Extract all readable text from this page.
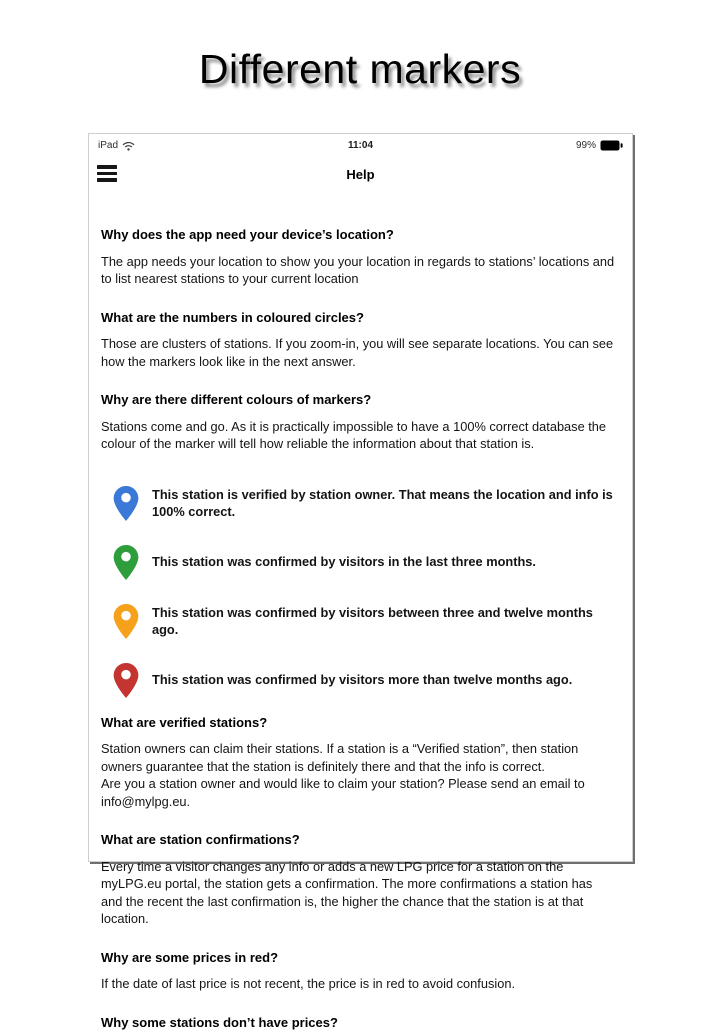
Different markers
iPad	11:04	99%
Help
Why does the app need your device’s location?

The app needs your location to show you your location in regards to stations’ locations and to list nearest stations to your current location

What are the numbers in coloured circles?

Those are clusters of stations. If you zoom-in, you will see separate locations. You can see how the markers look like in the next answer.

Why are there different colours of markers?

Stations come and go. As it is practically impossible to have a 100% correct database the colour of the marker will tell how reliable the information about that station is.

This station is verified by station owner. That means the location and info is 100% correct.
This station was confirmed by visitors in the last three months.
This station was confirmed by visitors between three and twelve months ago.
This station was confirmed by visitors more than twelve months ago.
What are verified stations?

Station owners can claim their stations. If a station is a “Verified station”, then station owners guarantee that the station is definitely there and that the info is correct.

Are you a station owner and would like to claim your station? Please send an email to info@mylpg.eu.

What are station confirmations?

Every time a visitor changes any info or adds a new LPG price for a station on the myLPG.eu portal, the station gets a confirmation. The more confirmations a station has and the recent the last confirmation is, the higher the chance that the station is at that location.

Why are some prices in red?

If the date of last price is not recent, the price is in red to avoid confusion.

Why some stations don’t have prices?
